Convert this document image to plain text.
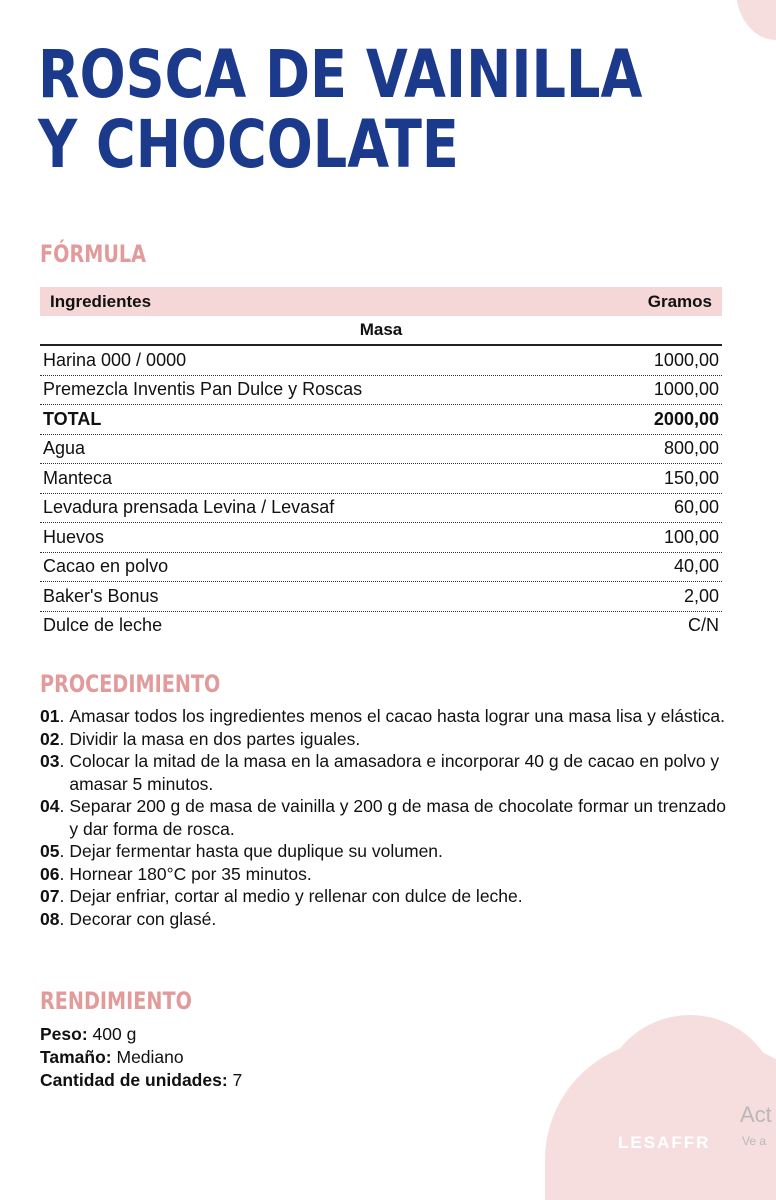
LESAFFR
Act
Ve a
ROSCA DE VAINILLA
Y CHOCOLATE
FÓRMULA
Ingredientes	Gramos
Masa
Harina 000 / 0000	1000,00
Premezcla Inventis Pan Dulce y Roscas	1000,00
TOTAL	2000,00
Agua	800,00
Manteca	150,00
Levadura prensada Levina / Levasaf	60,00
Huevos	100,00
Cacao en polvo	40,00
Baker's Bonus	2,00
Dulce de leche	C/N
PROCEDIMIENTO
01 . Amasar todos los ingredientes menos el cacao hasta lograr una masa lisa y elástica.
02 . Dividir la masa en dos partes iguales.
03 . Colocar la mitad de la masa en la amasadora e incorporar 40 g de cacao en polvo y amasar 5 minutos.
04 . Separar 200 g de masa de vainilla y 200 g de masa de chocolate formar un trenzado y dar forma de rosca.
05 . Dejar fermentar hasta que duplique su volumen.
06 . Hornear 180°C por 35 minutos.
07 . Dejar enfriar, cortar al medio y rellenar con dulce de leche.
08 . Decorar con glasé.
RENDIMIENTO
Peso: 400 g
Tamaño: Mediano
Cantidad de unidades: 7
